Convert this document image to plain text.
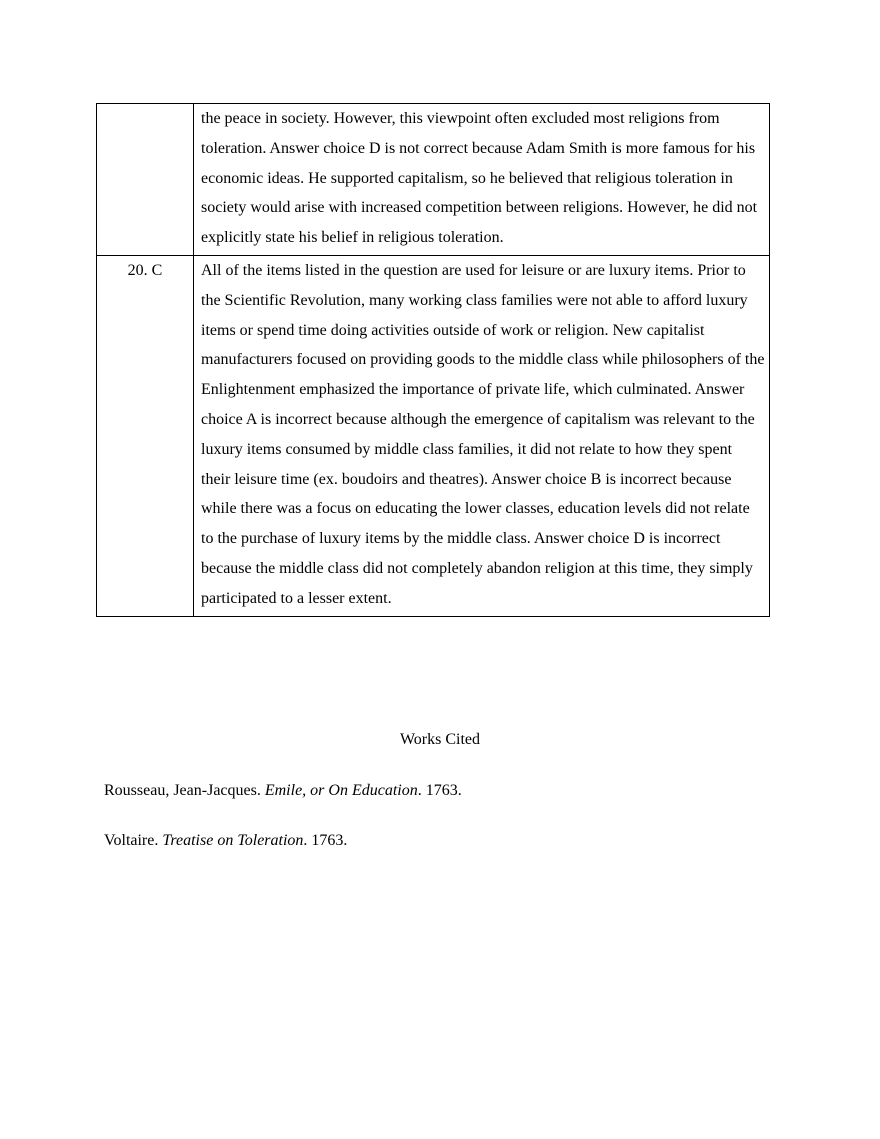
	the peace in society. However, this viewpoint often excluded most religions from toleration. Answer choice D is not correct because Adam Smith is more famous for his economic ideas. He supported capitalism, so he believed that religious toleration in society would arise with increased competition between religions. However, he did not explicitly state his belief in religious toleration.
20. C	All of the items listed in the question are used for leisure or are luxury items. Prior to the Scientific Revolution, many working class families were not able to afford luxury items or spend time doing activities outside of work or religion. New capitalist manufacturers focused on providing goods to the middle class while philosophers of the Enlightenment emphasized the importance of private life, which culminated. Answer choice A is incorrect because although the emergence of capitalism was relevant to the luxury items consumed by middle class families, it did not relate to how they spent their leisure time (ex. boudoirs and theatres). Answer choice B is incorrect because while there was a focus on educating the lower classes, education levels did not relate to the purchase of luxury items by the middle class. Answer choice D is incorrect because the middle class did not completely abandon religion at this time, they simply participated to a lesser extent.
Works Cited
Rousseau, Jean-Jacques. Emile, or On Education. 1763.
Voltaire. Treatise on Toleration. 1763.
